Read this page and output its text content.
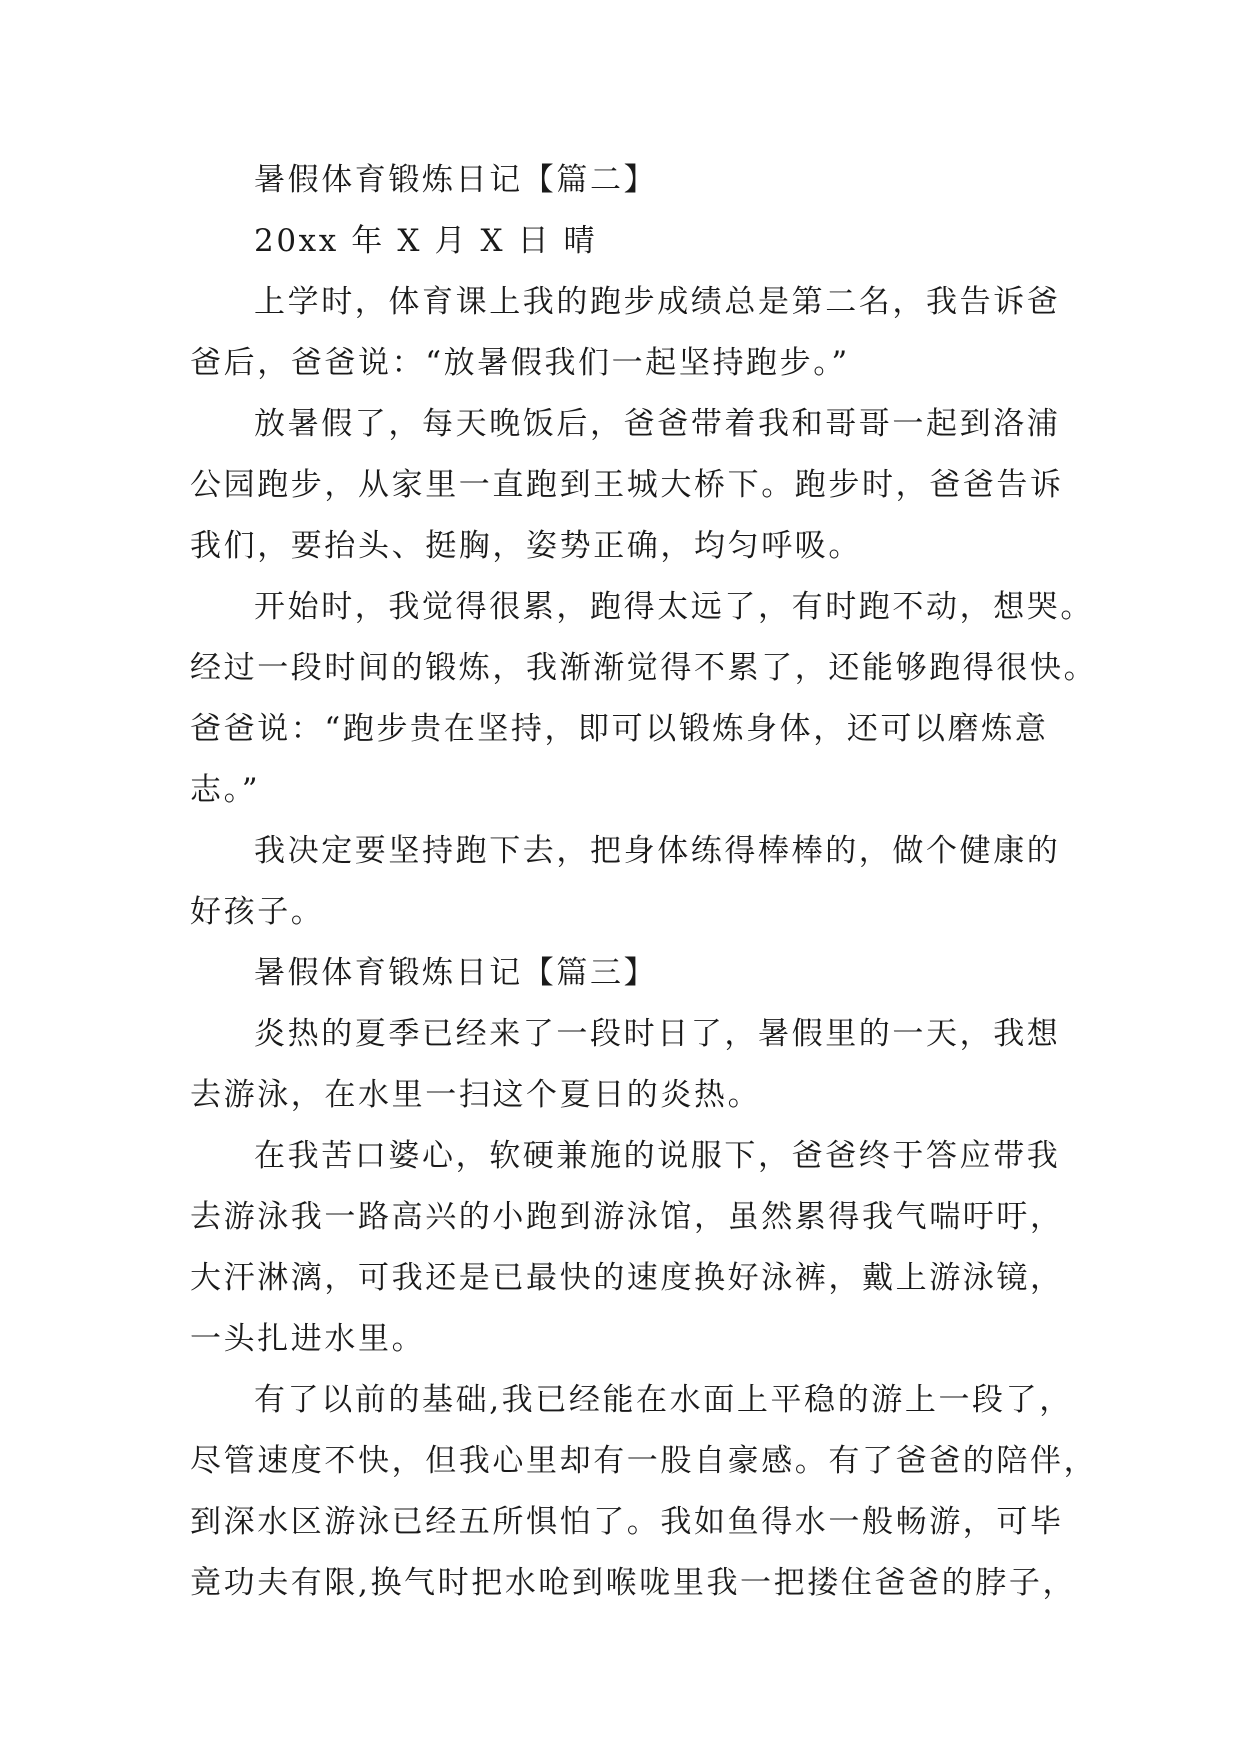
暑假体育锻炼日记【篇二】

20xx 年 X 月 X 日 晴

上学时，体育课上我的跑步成绩总是第二名，我告诉爸

爸后，爸爸说：“放暑假我们一起坚持跑步。”

放暑假了，每天晚饭后，爸爸带着我和哥哥一起到洛浦

公园跑步，从家里一直跑到王城大桥下。跑步时，爸爸告诉

我们，要抬头、挺胸，姿势正确，均匀呼吸。

开始时，我觉得很累，跑得太远了，有时跑不动，想哭。

经过一段时间的锻炼，我渐渐觉得不累了，还能够跑得很快。

爸爸说：“跑步贵在坚持，即可以锻炼身体，还可以磨炼意

志。”

我决定要坚持跑下去，把身体练得棒棒的，做个健康的

好孩子。

暑假体育锻炼日记【篇三】

炎热的夏季已经来了一段时日了，暑假里的一天，我想

去游泳，在水里一扫这个夏日的炎热。

在我苦口婆心，软硬兼施的说服下，爸爸终于答应带我

去游泳我一路高兴的小跑到游泳馆，虽然累得我气喘吁吁，

大汗淋漓，可我还是已最快的速度换好泳裤，戴上游泳镜，

一头扎进水里。

有了以前的基础,我已经能在水面上平稳的游上一段了，

尽管速度不快，但我心里却有一股自豪感。有了爸爸的陪伴，

到深水区游泳已经五所惧怕了。我如鱼得水一般畅游，可毕

竟功夫有限,换气时把水呛到喉咙里我一把搂住爸爸的脖子，
